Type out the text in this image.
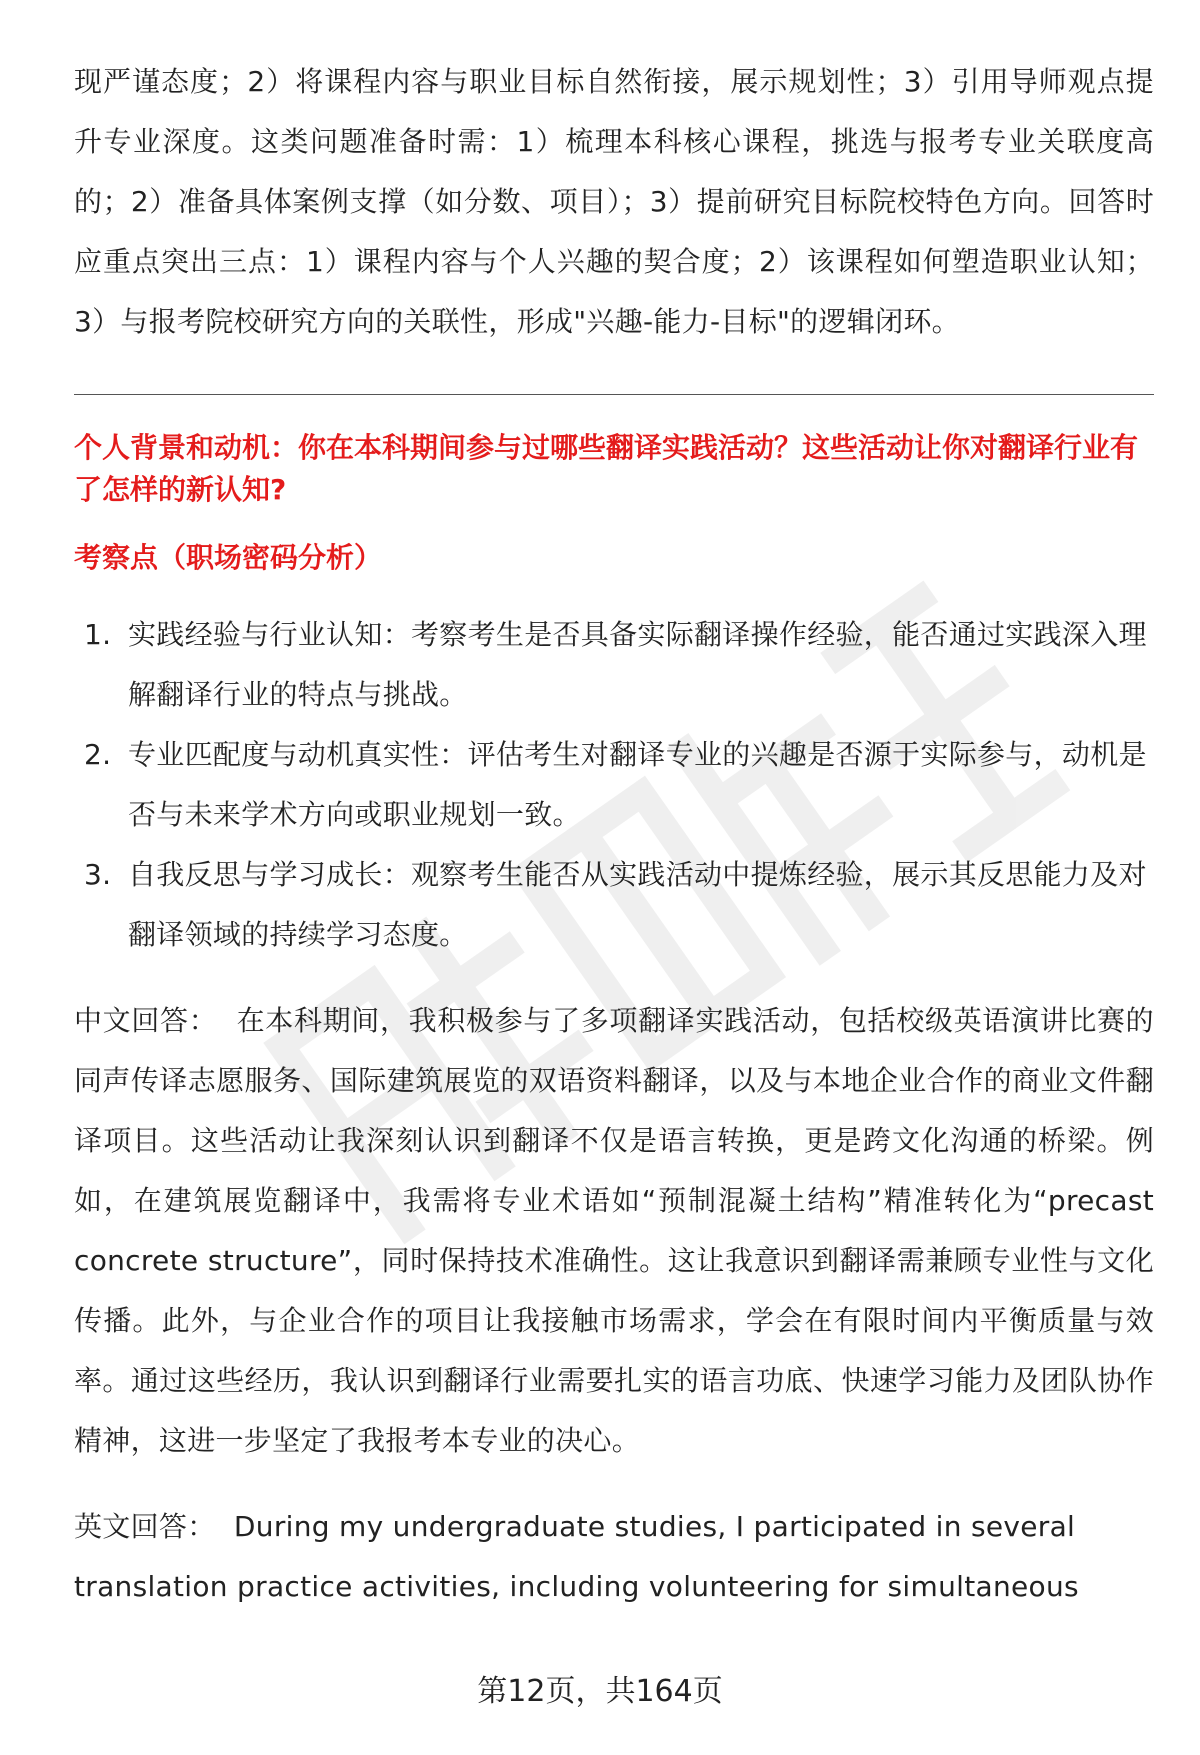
现严谨态度；2）将课程内容与职业目标自然衔接，展示规划性；3）引用导师观点提升专业深度。这类问题准备时需：1）梳理本科核心课程，挑选与报考专业关联度高的；2）准备具体案例支撑（如分数、项目）；3）提前研究目标院校特色方向。回答时应重点突出三点：1）课程内容与个人兴趣的契合度；2）该课程如何塑造职业认知；3）与报考院校研究方向的关联性，形成"兴趣-能力-目标"的逻辑闭环。

个人背景和动机：你在本科期间参与过哪些翻译实践活动？这些活动让你对翻译行业有了怎样的新认知?

考察点（职场密码分析）

1. 实践经验与行业认知：考察考生是否具备实际翻译操作经验，能否通过实践深入理解翻译行业的特点与挑战。
2. 专业匹配度与动机真实性：评估考生对翻译专业的兴趣是否源于实际参与，动机是否与未来学术方向或职业规划一致。
3. 自我反思与学习成长：观察考生能否从实践活动中提炼经验，展示其反思能力及对翻译领域的持续学习态度。

中文回答： 在本科期间，我积极参与了多项翻译实践活动，包括校级英语演讲比赛的同声传译志愿服务、国际建筑展览的双语资料翻译，以及与本地企业合作的商业文件翻译项目。这些活动让我深刻认识到翻译不仅是语言转换，更是跨文化沟通的桥梁。例如，在建筑展览翻译中，我需将专业术语如“预制混凝土结构”精准转化为“precast concrete structure”，同时保持技术准确性。这让我意识到翻译需兼顾专业性与文化传播。此外，与企业合作的项目让我接触市场需求，学会在有限时间内平衡质量与效率。通过这些经历，我认识到翻译行业需要扎实的语言功底、快速学习能力及团队协作精神，这进一步坚定了我报考本专业的决心。

英文回答： During my undergraduate studies, I participated in several translation practice activities, including volunteering for simultaneous

第12页，共164页
